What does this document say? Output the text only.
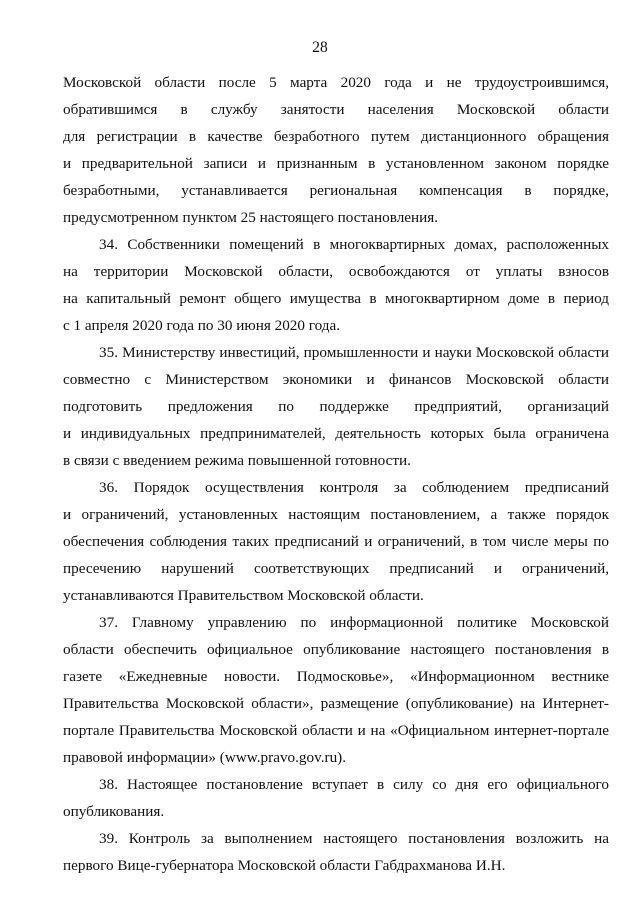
28
Московской области после 5 марта 2020 года и не трудоустроившимся,
обратившимся в службу занятости населения Московской области
для регистрации в качестве безработного путем дистанционного обращения
и предварительной записи и признанным в установленном законом порядке
безработными, устанавливается региональная компенсация в порядке,
предусмотренном пунктом 25 настоящего постановления.
34. Собственники помещений в многоквартирных домах, расположенных
на территории Московской области, освобождаются от уплаты взносов
на капитальный ремонт общего имущества в многоквартирном доме в период
с 1 апреля 2020 года по 30 июня 2020 года.
35. Министерству инвестиций, промышленности и науки Московской области
совместно с Министерством экономики и финансов Московской области
подготовить предложения по поддержке предприятий, организаций
и индивидуальных предпринимателей, деятельность которых была ограничена
в связи с введением режима повышенной готовности.
36. Порядок осуществления контроля за соблюдением предписаний
и ограничений, установленных настоящим постановлением, а также порядок
обеспечения соблюдения таких предписаний и ограничений, в том числе меры по
пресечению нарушений соответствующих предписаний и ограничений,
устанавливаются Правительством Московской области.
37. Главному управлению по информационной политике Московской
области обеспечить официальное опубликование настоящего постановления в
газете «Ежедневные новости. Подмосковье», «Информационном вестнике
Правительства Московской области», размещение (опубликование) на Интернет-
портале Правительства Московской области и на «Официальном интернет-портале
правовой информации» (www.pravo.gov.ru).
38. Настоящее постановление вступает в силу со дня его официального
опубликования.
39. Контроль за выполнением настоящего постановления возложить на
первого Вице-губернатора Московской области Габдрахманова И.Н.
